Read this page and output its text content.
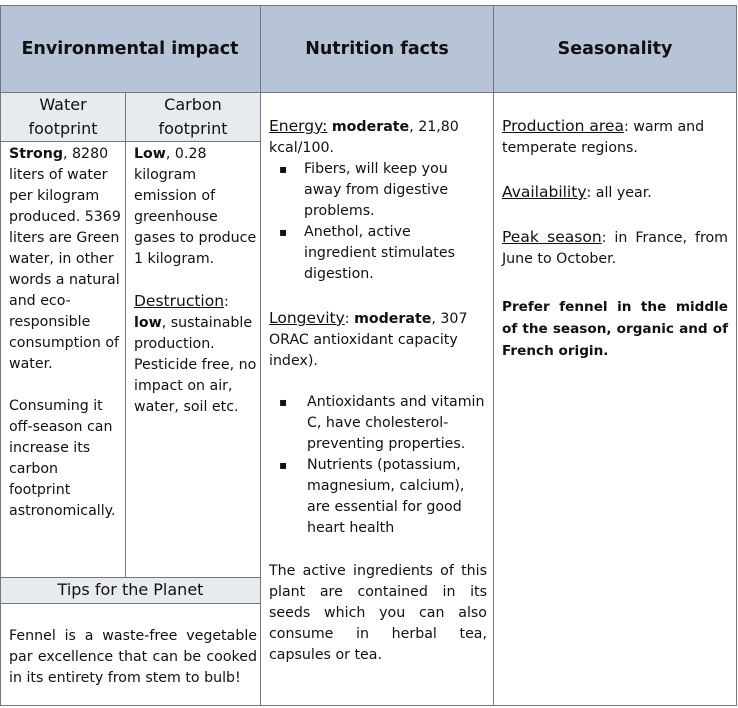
Environmental impact	Nutrition facts	Seasonality
Water footprint
Carbon footprint
Tips for the Planet

Strong, 8280 liters of water per kilogram produced. 5369 liters are Green water, in other words a natural and eco-responsible consumption of water.

Consuming it off-season can increase its carbon footprint astronomically.

Low, 0.28 kilogram emission of greenhouse gases to produce 1 kilogram.

Destruction:
low, sustainable production. Pesticide free, no impact on air, water, soil etc.

Fennel is a waste-free vegetable par excellence that can be cooked in its entirety from stem to bulb!

Energy: moderate, 21,80 kcal/100.

▪ Fibers, will keep you away from digestive problems.
▪ Anethol, active ingredient stimulates digestion.

Longevity: moderate, 307 ORAC antioxidant capacity index).

▪ Antioxidants and vitamin C, have cholesterol-preventing properties.
▪ Nutrients (potassium, magnesium, calcium), are essential for good heart health

The active ingredients of this plant are contained in its seeds which you can also consume in herbal tea, capsules or tea.

Production area: warm and temperate regions.

Availability: all year.

Peak season: in France, from June to October.

Prefer fennel in the middle of the season, organic and of French origin.
